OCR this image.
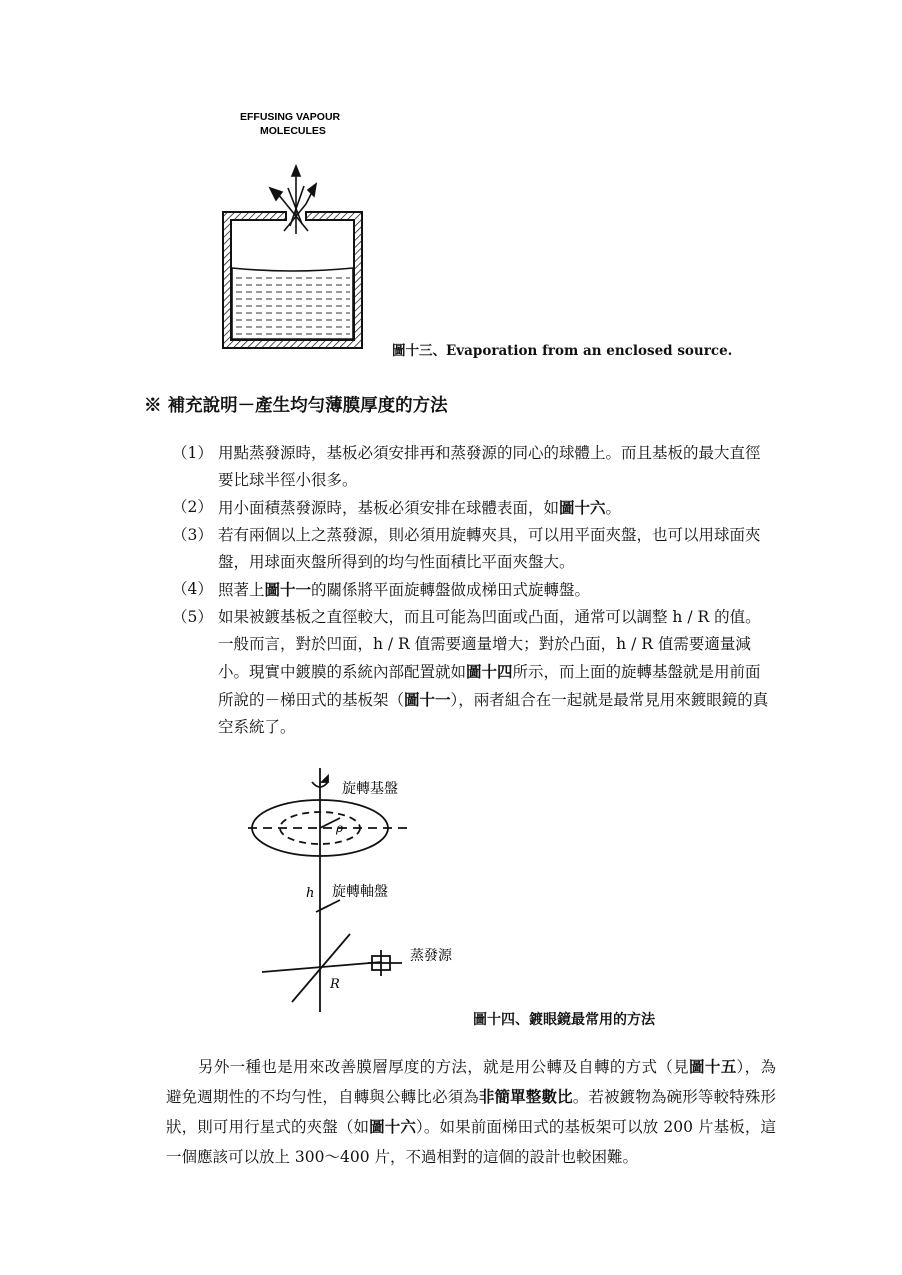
EFFUSING VAPOUR
MOLECULES
圖十三、Evaporation from an enclosed source.
※ 補充說明－產生均勻薄膜厚度的方法
（1） 用點蒸發源時，基板必須安排再和蒸發源的同心的球體上。而且基板的最大直徑要比球半徑小很多。
（2） 用小面積蒸發源時，基板必須安排在球體表面，如圖十六。
（3） 若有兩個以上之蒸發源，則必須用旋轉夾具，可以用平面夾盤，也可以用球面夾盤，用球面夾盤所得到的均勻性面積比平面夾盤大。
（4） 照著上圖十一的關係將平面旋轉盤做成梯田式旋轉盤。
（5） 如果被鍍基板之直徑較大，而且可能為凹面或凸面，通常可以調整 h / R 的值。一般而言，對於凹面，h / R 值需要適量增大；對於凸面，h / R 值需要適量減小。現實中鍍膜的系統內部配置就如圖十四所示，而上面的旋轉基盤就是用前面所說的－梯田式的基板架（圖十一），兩者組合在一起就是最常見用來鍍眼鏡的真空系統了。
旋轉基盤
ρ
h 旋轉軸盤
R
蒸發源
圖十四、鍍眼鏡最常用的方法
另外一種也是用來改善膜層厚度的方法，就是用公轉及自轉的方式（見圖十五），為避免週期性的不均勻性，自轉與公轉比必須為非簡單整數比。若被鍍物為碗形等較特殊形狀，則可用行星式的夾盤（如圖十六）。如果前面梯田式的基板架可以放 200 片基板，這一個應該可以放上 300～400 片，不過相對的這個的設計也較困難。
